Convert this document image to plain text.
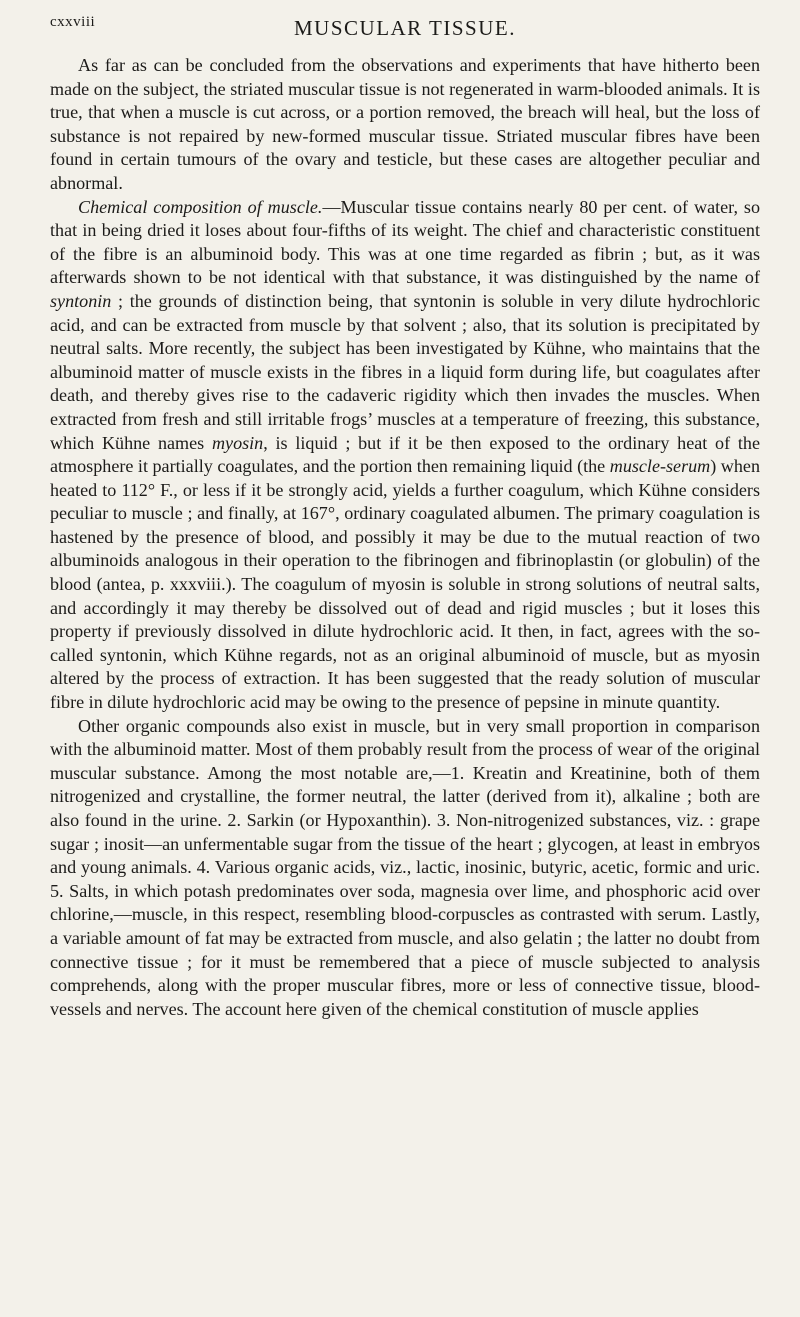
cxxviii	MUSCULAR TISSUE.

As far as can be concluded from the observations and experiments that have hitherto been made on the subject, the striated muscular tissue is not regenerated in warm-blooded animals. It is true, that when a muscle is cut across, or a portion removed, the breach will heal, but the loss of substance is not repaired by new-formed muscular tissue. Striated muscular fibres have been found in certain tumours of the ovary and testicle, but these cases are altogether peculiar and abnormal.

Chemical composition of muscle.—Muscular tissue contains nearly 80 per cent. of water, so that in being dried it loses about four-fifths of its weight. The chief and characteristic constituent of the fibre is an albuminoid body. This was at one time regarded as fibrin ; but, as it was afterwards shown to be not identical with that substance, it was distinguished by the name of syntonin ; the grounds of distinction being, that syntonin is soluble in very dilute hydrochloric acid, and can be extracted from muscle by that solvent ; also, that its solution is precipitated by neutral salts. More recently, the subject has been investigated by Kühne, who maintains that the albuminoid matter of muscle exists in the fibres in a liquid form during life, but coagulates after death, and thereby gives rise to the cadaveric rigidity which then invades the muscles. When extracted from fresh and still irritable frogs’ muscles at a temperature of freezing, this substance, which Kühne names myosin, is liquid ; but if it be then exposed to the ordinary heat of the atmosphere it partially coagulates, and the portion then remaining liquid (the muscle-serum) when heated to 112° F., or less if it be strongly acid, yields a further coagulum, which Kühne considers peculiar to muscle ; and finally, at 167°, ordinary coagulated albumen. The primary coagulation is hastened by the presence of blood, and possibly it may be due to the mutual reaction of two albuminoids analogous in their operation to the fibrinogen and fibrinoplastin (or globulin) of the blood (antea, p. xxxviii.). The coagulum of myosin is soluble in strong solutions of neutral salts, and accordingly it may thereby be dissolved out of dead and rigid muscles ; but it loses this property if previously dissolved in dilute hydrochloric acid. It then, in fact, agrees with the so-called syntonin, which Kühne regards, not as an original albuminoid of muscle, but as myosin altered by the process of extraction. It has been suggested that the ready solution of muscular fibre in dilute hydrochloric acid may be owing to the presence of pepsine in minute quantity.

Other organic compounds also exist in muscle, but in very small proportion in comparison with the albuminoid matter. Most of them probably result from the process of wear of the original muscular substance. Among the most notable are,—1. Kreatin and Kreatinine, both of them nitrogenized and crystalline, the former neutral, the latter (derived from it), alkaline ; both are also found in the urine. 2. Sarkin (or Hypoxanthin). 3. Non-nitrogenized substances, viz. : grape sugar ; inosit—an unfermentable sugar from the tissue of the heart ; glycogen, at least in embryos and young animals. 4. Various organic acids, viz., lactic, inosinic, butyric, acetic, formic and uric. 5. Salts, in which potash predominates over soda, magnesia over lime, and phosphoric acid over chlorine,—muscle, in this respect, resembling blood-corpuscles as contrasted with serum. Lastly, a variable amount of fat may be extracted from muscle, and also gelatin ; the latter no doubt from connective tissue ; for it must be remembered that a piece of muscle subjected to analysis comprehends, along with the proper muscular fibres, more or less of connective tissue, blood-vessels and nerves. The account here given of the chemical constitution of muscle applies
